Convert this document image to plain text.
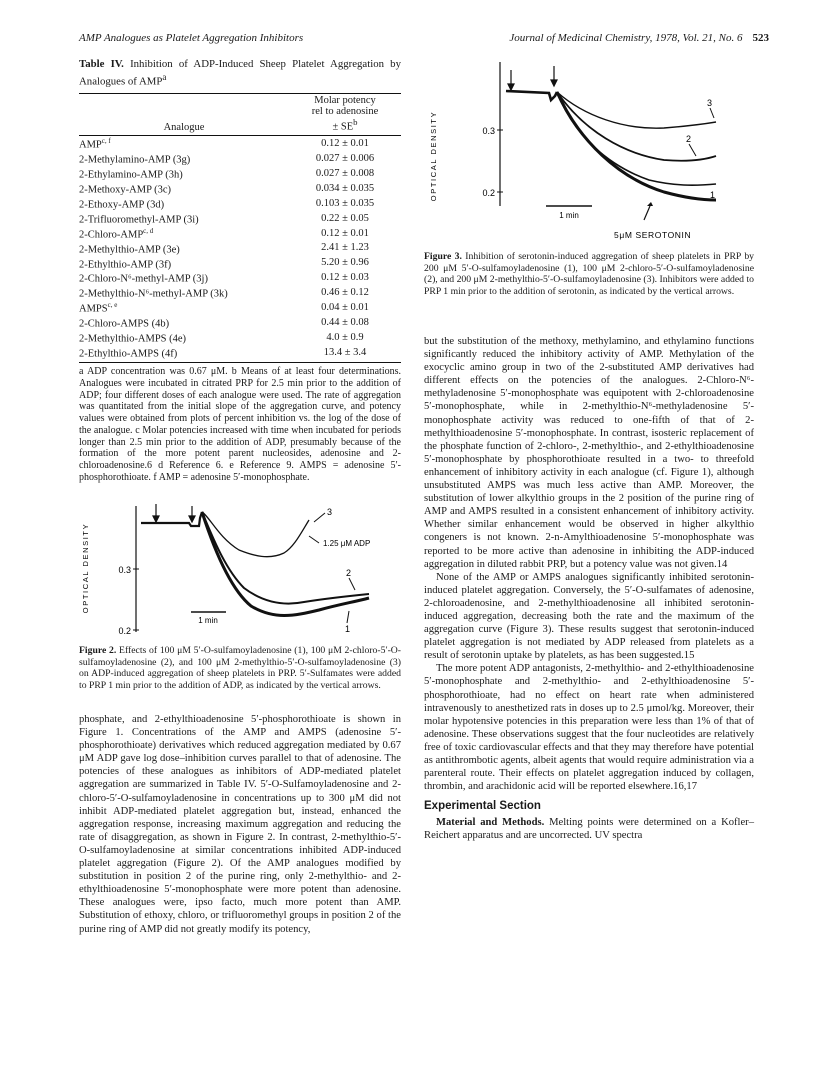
AMP Analogues as Platelet Aggregation Inhibitors	Journal of Medicinal Chemistry, 1978, Vol. 21, No. 6 523
Table IV. Inhibition of ADP-Induced Sheep Platelet Aggregation by Analogues of AMP$^a$
Analogue	Molar potency
rel to adenosine
± $SE^b$

AMP$^{c, f}$	0.12 ± 0.01
2-Methylamino-AMP (3g)	0.027 ± 0.006
2-Ethylamino-AMP (3h)	0.027 ± 0.008
2-Methoxy-AMP (3c)	0.034 ± 0.035
2-Ethoxy-AMP (3d)	0.103 ± 0.035
2-Trifluoromethyl-AMP (3i)	0.22 ± 0.05
2-Chloro-AMP$^{c, d}$	0.12 ± 0.01
2-Methylthio-AMP (3e)	2.41 ± 1.23
2-Ethylthio-AMP (3f)	5.20 ± 0.96
2-Chloro-N⁶-methyl-AMP (3j)	0.12 ± 0.03
2-Methylthio-N⁶-methyl-AMP (3k)	0.46 ± 0.12
AMPS$^{c, e}$	0.04 ± 0.01
2-Chloro-AMPS (4b)	0.44 ± 0.08
2-Methylthio-AMPS (4e)	4.0 ± 0.9
2-Ethylthio-AMPS (4f)	13.4 ± 3.4
a ADP concentration was 0.67 μM. b Means of at least four determinations. Analogues were incubated in citrated PRP for 2.5 min prior to the addition of ADP; four different doses of each analogue were used. The rate of aggregation was quantitated from the initial slope of the aggregation curve, and potency values were obtained from plots of percent inhibition vs. the log of the dose of the analogue. c Molar potencies increased with time when incubated for periods longer than 2.5 min prior to the addition of ADP, presumably because of the formation of the more potent parent nucleosides, adenosine and 2-chloroadenosine.6 d Reference 6. e Reference 9. AMPS = adenosine 5′-phosphorothioate. f AMP = adenosine 5′-monophosphate.
OPTICAL DENSITY	0.3
0.2
1.25 μM ADP
3
2
1
1 min
Figure 2. Effects of 100 μM 5′-O-sulfamoyladenosine (1), 100 μM 2-chloro-5′-O-sulfamoyladenosine (2), and 100 μM 2-methylthio-5′-O-sulfamoyladenosine (3) on ADP-induced aggregation of sheep platelets in PRP. 5′-Sulfamates were added to PRP 1 min prior to the addition of ADP, as indicated by the vertical arrows.

phosphate, and 2-ethylthioadenosine 5′-phosphorothioate is shown in Figure 1. Concentrations of the AMP and AMPS (adenosine 5′-phosphorothioate) derivatives which reduced aggregation mediated by 0.67 μM ADP gave log dose–inhibition curves parallel to that of adenosine. The potencies of these analogues as inhibitors of ADP-mediated platelet aggregation are summarized in Table IV. 5′-O-Sulfamoyladenosine and 2-chloro-5′-O-sulfamoyladenosine in concentrations up to 300 μM did not inhibit ADP-mediated platelet aggregation but, instead, enhanced the aggregation response, increasing maximum aggregation and reducing the rate of disaggregation, as shown in Figure 2. In contrast, 2-methylthio-5′-O-sulfamoyladenosine at similar concentrations inhibited ADP-induced platelet aggregation (Figure 2). Of the AMP analogues modified by substitution in position 2 of the purine ring, only 2-methylthio- and 2-ethylthioadenosine 5′-monophosphate were more potent than adenosine. These analogues were, ipso facto, much more potent than AMP. Substitution of ethoxy, chloro, or trifluoromethyl groups in position 2 of the purine ring of AMP did not greatly modify its potency,

OPTICAL DENSITY	0.3
0.2
3
2
1
1 min
5μM SEROTONIN
Figure 3. Inhibition of serotonin-induced aggregation of sheep platelets in PRP by 200 μM 5′-O-sulfamoyladenosine (1), 100 μM 2-chloro-5′-O-sulfamoyladenosine (2), and 200 μM 2-methylthio-5′-O-sulfamoyladenosine (3). Inhibitors were added to PRP 1 min prior to the addition of serotonin, as indicated by the vertical arrows.

but the substitution of the methoxy, methylamino, and ethylamino functions significantly reduced the inhibitory activity of AMP. Methylation of the exocyclic amino group in two of the 2-substituted AMP derivatives had different effects on the potencies of the analogues. 2-Chloro-N⁶-methyladenosine 5′-monophosphate was equipotent with 2-chloroadenosine 5′-monophosphate, while in 2-methylthio-N⁶-methyladenosine 5′-monophosphate activity was reduced to one-fifth of that of 2-methylthioadenosine 5′-monophosphate. In contrast, isosteric replacement of the phosphate function of 2-chloro-, 2-methylthio-, and 2-ethylthioadenosine 5′-monophosphate by phosphorothioate resulted in a two- to threefold enhancement of inhibitory activity in each analogue (cf. Figure 1), although unsubstituted AMPS was much less active than AMP. Moreover, the substitution of lower alkylthio groups in the 2 position of the purine ring of AMP and AMPS resulted in a consistent enhancement of inhibitory activity. Whether similar enhancement would be observed in higher alkylthio congeners is not known. 2-n-Amylthioadenosine 5′-monophosphate was reported to be more active than adenosine in inhibiting the ADP-induced aggregation in diluted rabbit PRP, but a potency value was not given.14

None of the AMP or AMPS analogues significantly inhibited serotonin-induced platelet aggregation. Conversely, the 5′-O-sulfamates of adenosine, 2-chloroadenosine, and 2-methylthioadenosine all inhibited serotonin-induced aggregation, decreasing both the rate and the maximum of the aggregation curve (Figure 3). These results suggest that serotonin-induced platelet aggregation is not mediated by ADP released from platelets as a result of serotonin uptake by platelets, as has been suggested.15

The more potent ADP antagonists, 2-methylthio- and 2-ethylthioadenosine 5′-monophosphate and 2-methylthio- and 2-ethylthioadenosine 5′-phosphorothioate, had no effect on heart rate when administered intravenously to anesthetized rats in doses up to 2.5 μmol/kg. Moreover, their molar hypotensive potencies in this preparation were less than 1% of that of adenosine. These observations suggest that the four nucleotides are relatively free of toxic cardiovascular effects and that they may therefore have potential as antithrombotic agents, albeit agents that would require administration via a parenteral route. Their effects on platelet aggregation induced by collagen, thrombin, and arachidonic acid will be reported elsewhere.16,17

Experimental Section

Material and Methods. Melting points were determined on a Kofler–Reichert apparatus and are uncorrected. UV spectra
